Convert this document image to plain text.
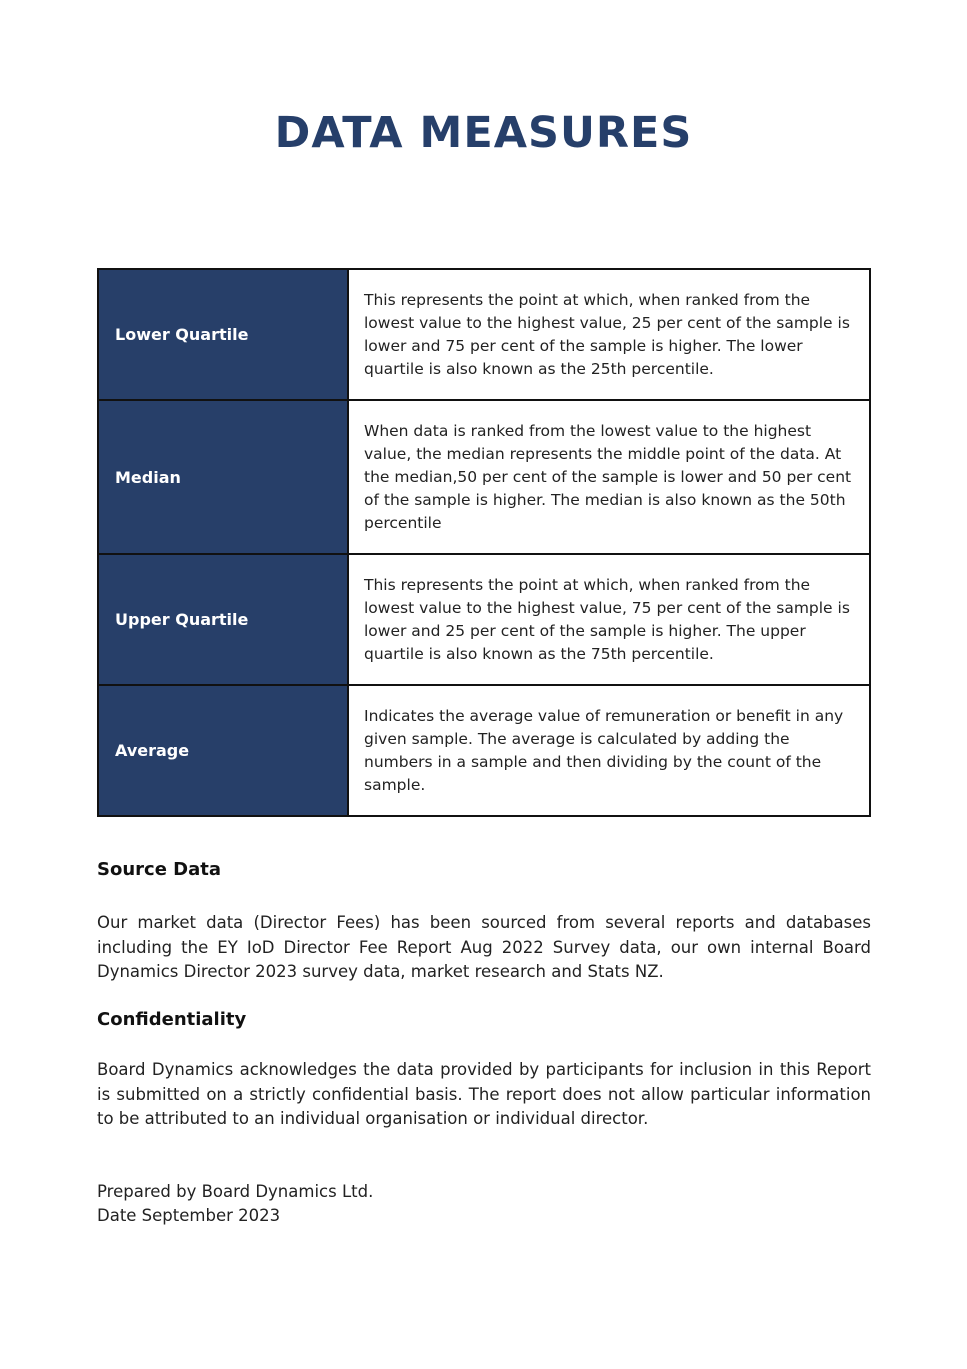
DATA MEASURES
Lower Quartile	This represents the point at which, when ranked from the lowest value to the highest value, 25 per cent of the sample is lower and 75 per cent of the sample is higher. The lower quartile is also known as the 25th percentile.
Median	When data is ranked from the lowest value to the highest value, the median represents the middle point of the data. At the median,50 per cent of the sample is lower and 50 per cent of the sample is higher. The median is also known as the 50th percentile
Upper Quartile	This represents the point at which, when ranked from the lowest value to the highest value, 75 per cent of the sample is lower and 25 per cent of the sample is higher. The upper quartile is also known as the 75th percentile.
Average	Indicates the average value of remuneration or benefit in any given sample. The average is calculated by adding the numbers in a sample and then dividing by the count of the sample.
Source Data

Our market data (Director Fees) has been sourced from several reports and databases including the EY IoD Director Fee Report Aug 2022 Survey data, our own internal Board Dynamics Director 2023 survey data, market research and Stats NZ.

Confidentiality

Board Dynamics acknowledges the data provided by participants for inclusion in this Report is submitted on a strictly confidential basis. The report does not allow particular information to be attributed to an individual organisation or individual director.

Prepared by Board Dynamics Ltd.

Date September 2023
